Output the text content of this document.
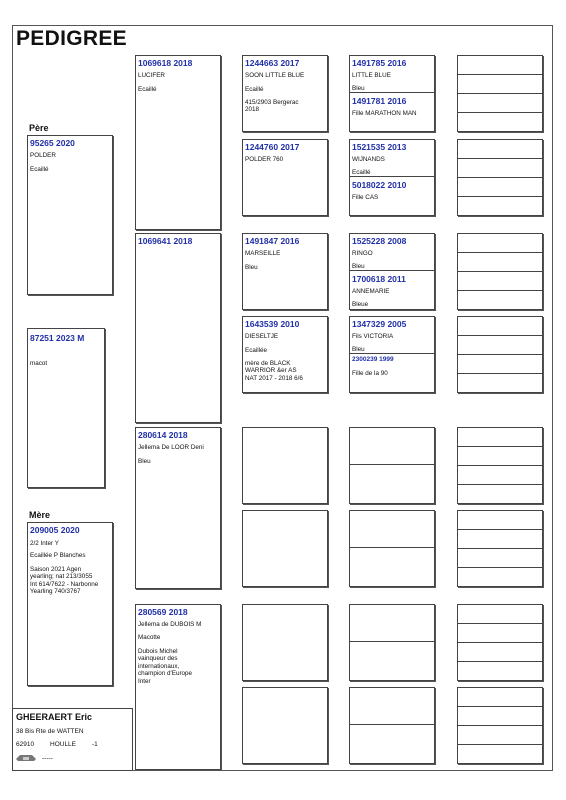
PEDIGREE
Père
95265 2020
POLDER
Ecaillé
87251 2023 M
macot
Mère
209005 2020
2/2 Inter Y
Ecaillée P Blanches
Saison 2021 Agen
yearling; nat 213/3055
Int 614/7622 - Narbonne
Yearling 740/3767
GHEERAERT Eric
38 Bis Rte de WATTEN
62910 HOULLE -1
-----
1069618 2018
LUCIFER
Ecaillé
1069641 2018
280614 2018
Jellema De LOOR Deni
Bleu
280569 2018
Jellema de DUBOIS M
Macotte
Dubois Michel
vainqueur des
internationaux,
champion d'Europe
Inter
1244663 2017
SOON LITTLE BLUE
Ecaillé
415/2903 Bergerac
2018
1244760 2017
POLDER 760
1491847 2016
MARSEILLE
Bleu
1643539 2010
DIESELTJE
Ecaillée
mère de BLACK
WARRIOR &er AS
NAT 2017 - 2018 6/6
1491785 2016
LITTLE BLUE
Bleu
1491781 2016
Fille MARATHON MAN
1521535 2013
WIJNANDS
Ecaillé
5018022 2010
Fille CAS
1525228 2008
RINGO
Bleu
1700618 2011
ANNEMARIE
Bleue
1347329 2005
Fils VICTORIA
Bleu
2300239 1999
Fille de la 90
